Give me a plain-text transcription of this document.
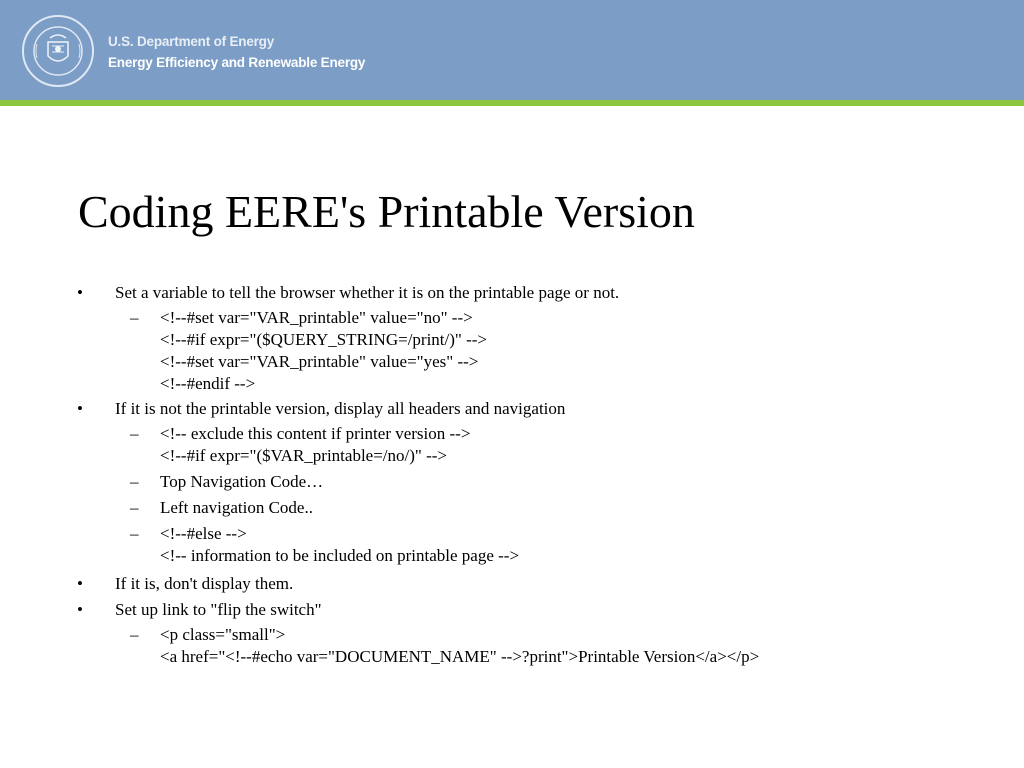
U.S. Department of Energy
Energy Efficiency and Renewable Energy
Coding EERE's Printable Version
• Set a variable to tell the browser whether it is on the printable page or not.
– <!--#set var="VAR_printable" value="no" -->
<!--#if expr="($QUERY_STRING=/print/)" -->
<!--#set var="VAR_printable" value="yes" -->
<!--#endif -->
• If it is not the printable version, display all headers and navigation
– <!-- exclude this content if printer version -->
<!--#if expr="($VAR_printable=/no/)" -->
– Top Navigation Code…
– Left navigation Code..
– <!--#else -->
<!-- information to be included on printable page -->
• If it is, don't display them.
• Set up link to "flip the switch"
– <p class="small">
<a href="<!--#echo var="DOCUMENT_NAME" -->?print">Printable Version</a></p>
